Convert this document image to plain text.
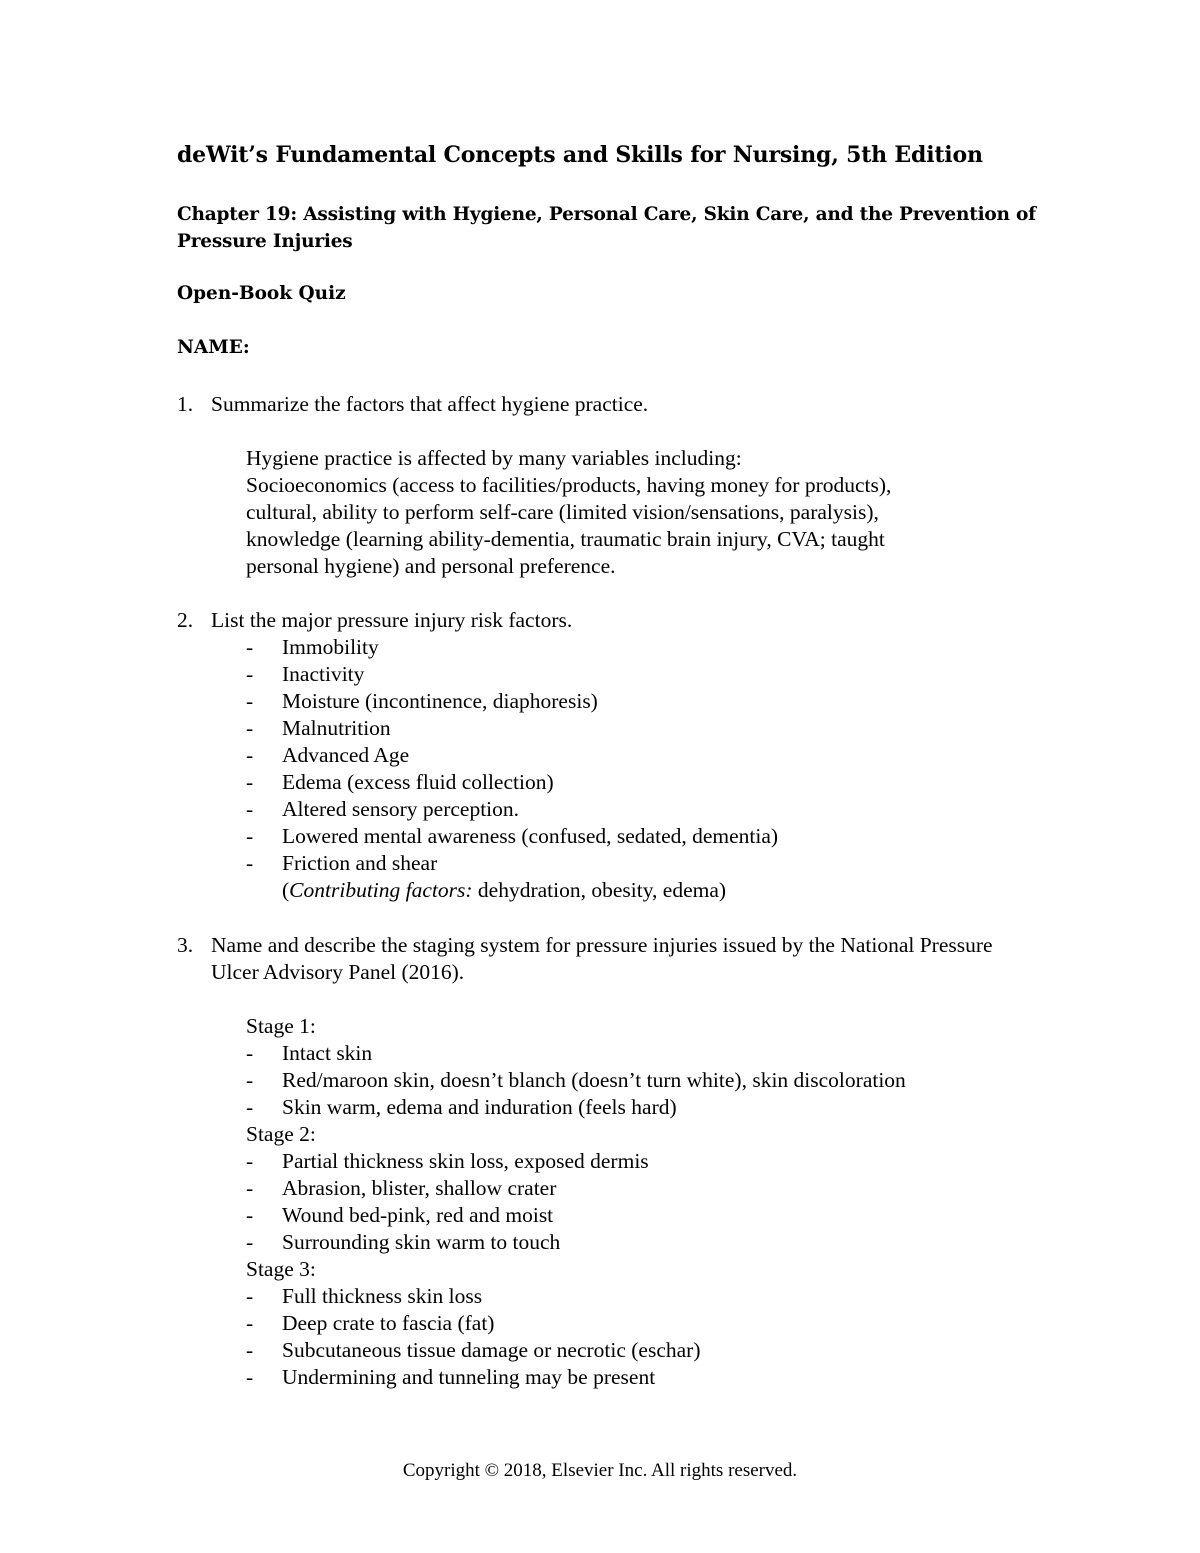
deWit’s Fundamental Concepts and Skills for Nursing, 5th Edition
Chapter 19: Assisting with Hygiene, Personal Care, Skin Care, and the Prevention of Pressure Injuries
Open-Book Quiz
NAME:
1. Summarize the factors that affect hygiene practice.
Hygiene practice is affected by many variables including:
Socioeconomics (access to facilities/products, having money for products),
cultural, ability to perform self-care (limited vision/sensations, paralysis),
knowledge (learning ability-dementia, traumatic brain injury, CVA; taught
personal hygiene) and personal preference.
2. List the major pressure injury risk factors.
- Immobility
- Inactivity
- Moisture (incontinence, diaphoresis)
- Malnutrition
- Advanced Age
- Edema (excess fluid collection)
- Altered sensory perception.
- Lowered mental awareness (confused, sedated, dementia)
- Friction and shear
(Contributing factors: dehydration, obesity, edema)
3. Name and describe the staging system for pressure injuries issued by the National Pressure Ulcer Advisory Panel (2016).
Stage 1:
- Intact skin
- Red/maroon skin, doesn’t blanch (doesn’t turn white), skin discoloration
- Skin warm, edema and induration (feels hard)
Stage 2:
- Partial thickness skin loss, exposed dermis
- Abrasion, blister, shallow crater
- Wound bed-pink, red and moist
- Surrounding skin warm to touch
Stage 3:
- Full thickness skin loss
- Deep crate to fascia (fat)
- Subcutaneous tissue damage or necrotic (eschar)
- Undermining and tunneling may be present
Copyright © 2018, Elsevier Inc. All rights reserved.
